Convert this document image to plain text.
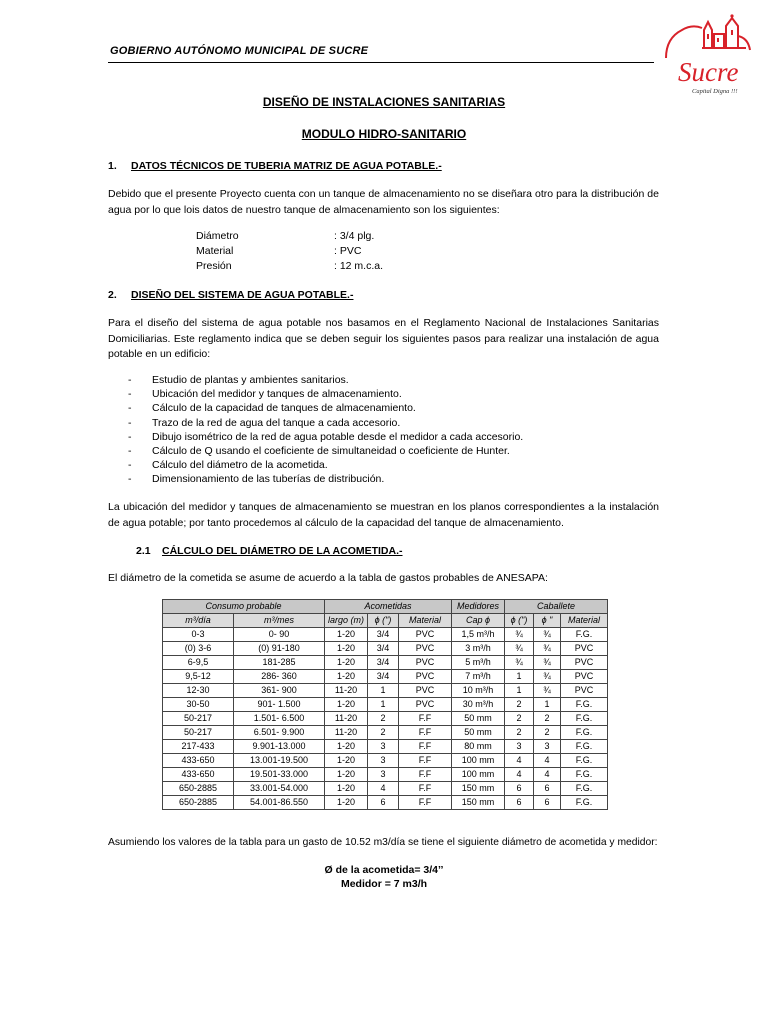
GOBIERNO AUTÓNOMO MUNICIPAL DE SUCRE
Sucre
Capital Digna !!!
DISEÑO DE INSTALACIONES SANITARIAS
MODULO HIDRO-SANITARIO
1. DATOS TÉCNICOS DE TUBERIA MATRIZ DE AGUA POTABLE.-
Debido que el presente Proyecto cuenta con un tanque de almacenamiento no se diseñara otro para la distribución de agua por lo que lois datos de nuestro tanque de almacenamiento son los siguientes:
Diámetro	: 3/4 plg.
Material	: PVC
Presión	: 12 m.c.a.
2. DISEÑO DEL SISTEMA DE AGUA POTABLE.-
Para el diseño del sistema de agua potable nos basamos en el Reglamento Nacional de Instalaciones Sanitarias Domiciliarias. Este reglamento indica que se deben seguir los siguientes pasos para realizar una instalación de agua potable en un edificio:
- Estudio de plantas y ambientes sanitarios.
- Ubicación del medidor y tanques de almacenamiento.
- Cálculo de la capacidad de tanques de almacenamiento.
- Trazo de la red de agua del tanque a cada accesorio.
- Dibujo isométrico de la red de agua potable desde el medidor a cada accesorio.
- Cálculo de Q usando el coeficiente de simultaneidad o coeficiente de Hunter.
- Cálculo del diámetro de la acometida.
- Dimensionamiento de las tuberías de distribución.
La ubicación del medidor y tanques de almacenamiento se muestran en los planos correspondientes a la instalación de agua potable; por tanto procedemos al cálculo de la capacidad del tanque de almacenamiento.
2.1 CÁLCULO DEL DIÁMETRO DE LA ACOMETIDA.-
El diámetro de la cometida se asume de acuerdo a la tabla de gastos probables de ANESAPA:
Consumo probable		Acometidas			Medidores	Caballete		
m³/día	m³/mes	largo (m)	ϕ (")	Material	Cap ϕ	ϕ (")	ϕ "	Material
0-3	0- 90	1-20	3/4	PVC	1,5 m³/h	¾	¾	F.G.
(0) 3-6	(0) 91-180	1-20	3/4	PVC	3 m³/h	¾	¾	PVC
6-9,5	181-285	1-20	3/4	PVC	5 m³/h	¾	¾	PVC
9,5-12	286- 360	1-20	3/4	PVC	7 m³/h	1	¾	PVC
12-30	361- 900	11-20	1	PVC	10 m³/h	1	¾	PVC
30-50	901- 1.500	1-20	1	PVC	30 m³/h	2	1	F.G.
50-217	1.501- 6.500	11-20	2	F.F	50 mm	2	2	F.G.
50-217	6.501- 9.900	11-20	2	F.F	50 mm	2	2	F.G.
217-433	9.901-13.000	1-20	3	F.F	80 mm	3	3	F.G.
433-650	13.001-19.500	1-20	3	F.F	100 mm	4	4	F.G.
433-650	19.501-33.000	1-20	3	F.F	100 mm	4	4	F.G.
650-2885	33.001-54.000	1-20	4	F.F	150 mm	6	6	F.G.
650-2885	54.001-86.550	1-20	6	F.F	150 mm	6	6	F.G.
Asumiendo los valores de la tabla para un gasto de 10.52 m3/día se tiene el siguiente diámetro de acometida y medidor:
Ø de la acometida= 3/4’’
Medidor = 7 m3/h
